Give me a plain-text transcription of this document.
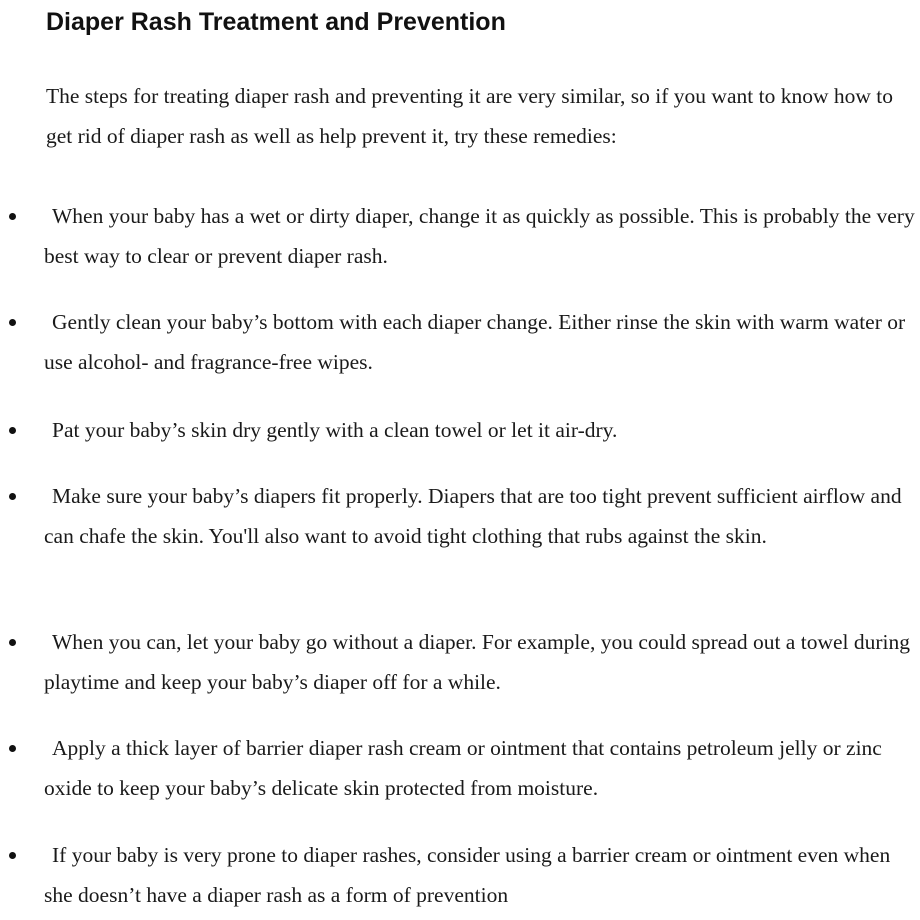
Diaper Rash Treatment and Prevention

The steps for treating diaper rash and preventing it are very similar, so if you want to know how to get rid of diaper rash as well as help prevent it, try these remedies:

When your baby has a wet or dirty diaper, change it as quickly as possible. This is probably the very best way to clear or prevent diaper rash.

Gently clean your baby’s bottom with each diaper change. Either rinse the skin with warm water or use alcohol- and fragrance-free wipes.

Pat your baby’s skin dry gently with a clean towel or let it air-dry.

Make sure your baby’s diapers fit properly. Diapers that are too tight prevent sufficient airflow and can chafe the skin. You'll also want to avoid tight clothing that rubs against the skin.

When you can, let your baby go without a diaper. For example, you could spread out a towel during playtime and keep your baby’s diaper off for a while.

Apply a thick layer of barrier diaper rash cream or ointment that contains petroleum jelly or zinc oxide to keep your baby’s delicate skin protected from moisture.

If your baby is very prone to diaper rashes, consider using a barrier cream or ointment even when she doesn’t have a diaper rash as a form of prevention
